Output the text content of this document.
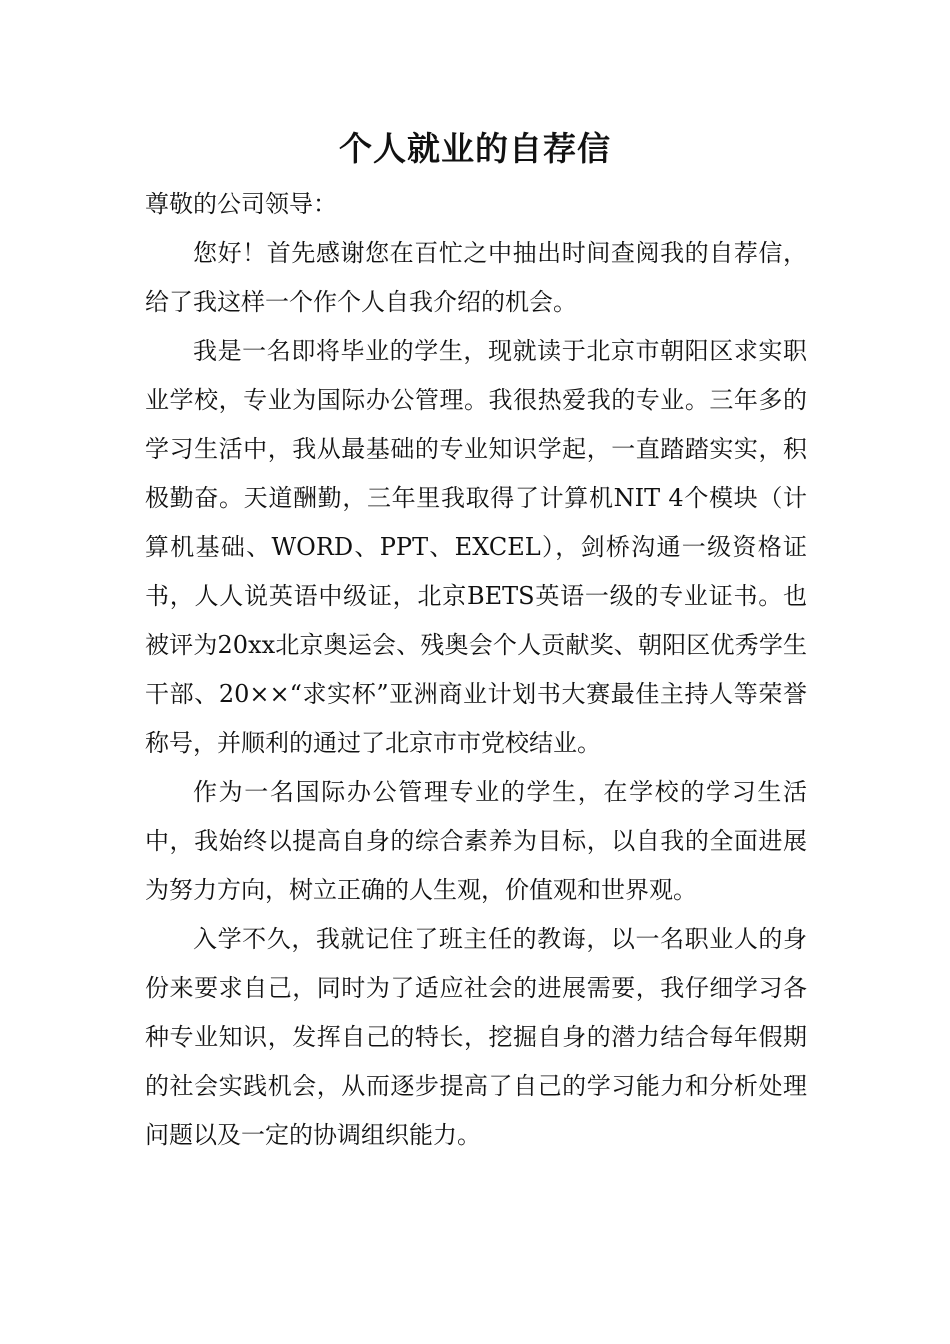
个人就业的自荐信

尊敬的公司领导：

您好！首先感谢您在百忙之中抽出时间查阅我的自荐信，给了我这样一个作个人自我介绍的机会。

我是一名即将毕业的学生，现就读于北京市朝阳区求实职业学校，专业为国际办公管理。我很热爱我的专业。三年多的学习生活中，我从最基础的专业知识学起，一直踏踏实实，积极勤奋。天道酬勤，三年里我取得了计算机NIT 4个模块（计算机基础、WORD、PPT、EXCEL），剑桥沟通一级资格证书，人人说英语中级证，北京BETS英语一级的专业证书。也被评为20xx北京奥运会、残奥会个人贡献奖、朝阳区优秀学生干部、20××“求实杯”亚洲商业计划书大赛最佳主持人等荣誉称号，并顺利的通过了北京市市党校结业。

作为一名国际办公管理专业的学生，在学校的学习生活中，我始终以提高自身的综合素养为目标，以自我的全面进展为努力方向，树立正确的人生观，价值观和世界观。

入学不久，我就记住了班主任的教诲，以一名职业人的身份来要求自己，同时为了适应社会的进展需要，我仔细学习各种专业知识，发挥自己的特长，挖掘自身的潜力结合每年假期的社会实践机会，从而逐步提高了自己的学习能力和分析处理问题以及一定的协调组织能力。
